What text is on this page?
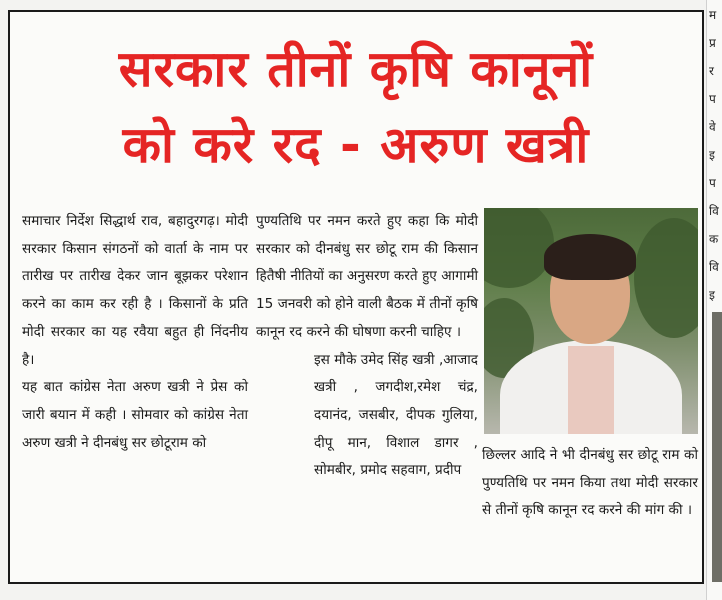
सरकार तीनों कृषि कानूनों
को करे रद - अरुण खत्री

समाचार निर्देश सिद्धार्थ राव, बहादुरगढ़। मोदी सरकार किसान संगठनों को वार्ता के नाम पर तारीख पर तारीख देकर जान बूझकर परेशान करने का काम कर रही है । किसानों के प्रति मोदी सरकार का यह रवैया बहुत ही निंदनीय है।

यह बात कांग्रेस नेता अरुण खत्री ने प्रेस को जारी बयान में कही । सोमवार को कांग्रेस नेता अरुण खत्री ने दीनबंधु सर छोटूराम को

पुण्यतिथि पर नमन करते हुए कहा कि मोदी सरकार को दीनबंधु सर छोटू राम की किसान हितैषी नीतियों का अनुसरण करते हुए आगामी 15 जनवरी को होने वाली बैठक में तीनों कृषि कानून रद करने की घोषणा करनी चाहिए ।

इस मौके उमेद सिंह खत्री ,आजाद खत्री , जगदीश,रमेश चंद्र, दयानंद, जसबीर, दीपक गुलिया, दीपू मान, विशाल डागर , सोमबीर, प्रमोद सहवाग, प्रदीप

छिल्लर आदि ने भी दीनबंधु सर छोटू राम को पुण्यतिथि पर नमन किया तथा मोदी सरकार से तीनों कृषि कानून रद करने की मांग की ।

म
प्र
र
प
वे
इ
प
वि
क
वि
इ
